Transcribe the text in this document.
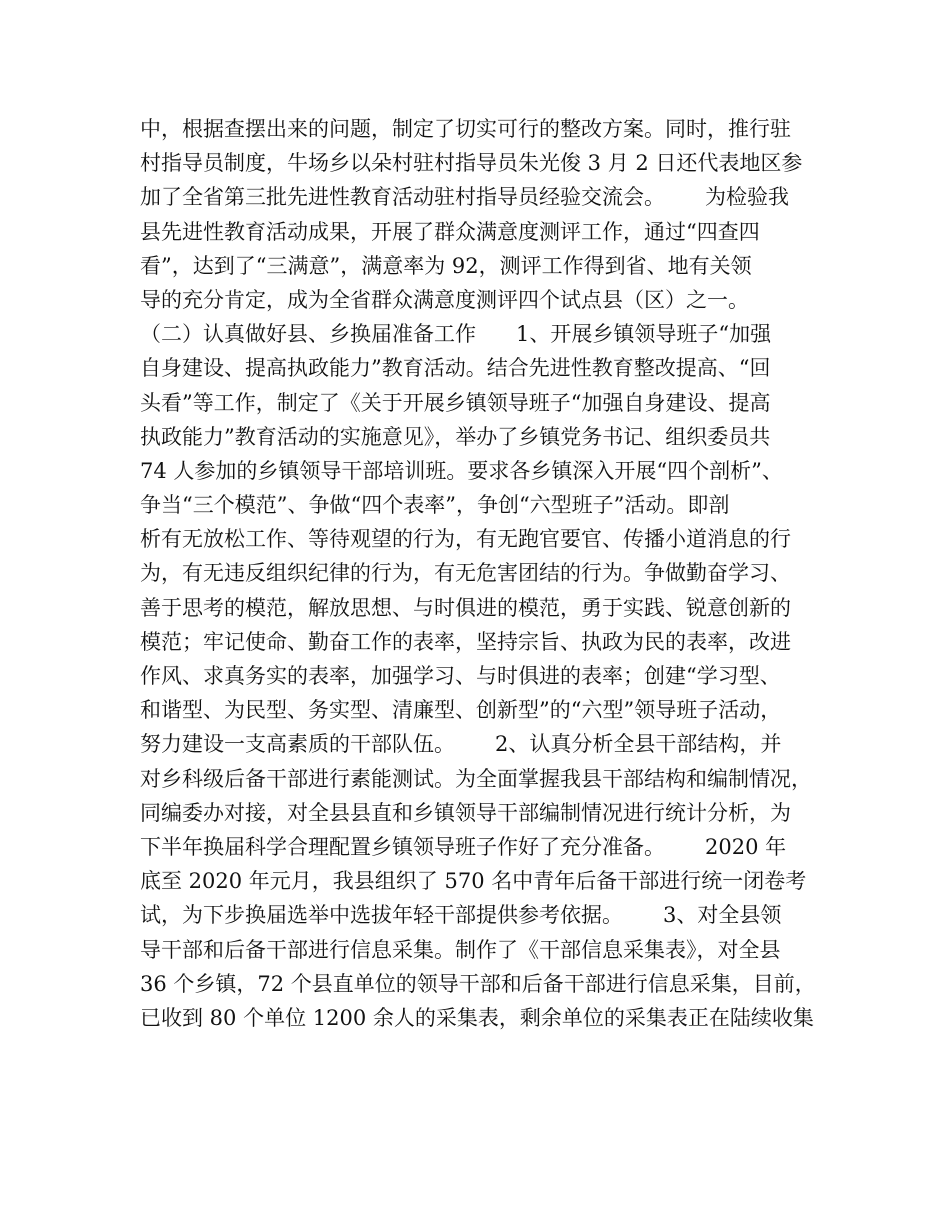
中，根据查摆出来的问题，制定了切实可行的整改方案。同时，推行驻
村指导员制度，牛场乡以朵村驻村指导员朱光俊 3 月 2 日还代表地区参
加了全省第三批先进性教育活动驻村指导员经验交流会。      为检验我
县先进性教育活动成果，开展了群众满意度测评工作，通过“四查四
看”，达到了“三满意”，满意率为 92，测评工作得到省、地有关领
导的充分肯定，成为全省群众满意度测评四个试点县（区）之一。
（二）认真做好县、乡换届准备工作      1、开展乡镇领导班子“加强
自身建设、提高执政能力”教育活动。结合先进性教育整改提高、“回
头看”等工作，制定了《关于开展乡镇领导班子“加强自身建设、提高
执政能力”教育活动的实施意见》，举办了乡镇党务书记、组织委员共
74 人参加的乡镇领导干部培训班。要求各乡镇深入开展“四个剖析”、
争当“三个模范”、争做“四个表率”，争创“六型班子”活动。即剖
析有无放松工作、等待观望的行为，有无跑官要官、传播小道消息的行
为，有无违反组织纪律的行为，有无危害团结的行为。争做勤奋学习、
善于思考的模范，解放思想、与时俱进的模范，勇于实践、锐意创新的
模范；牢记使命、勤奋工作的表率，坚持宗旨、执政为民的表率，改进
作风、求真务实的表率，加强学习、与时俱进的表率；创建“学习型、
和谐型、为民型、务实型、清廉型、创新型”的“六型”领导班子活动，
努力建设一支高素质的干部队伍。      2、认真分析全县干部结构，并
对乡科级后备干部进行素能测试。为全面掌握我县干部结构和编制情况，
同编委办对接，对全县县直和乡镇领导干部编制情况进行统计分析，为
下半年换届科学合理配置乡镇领导班子作好了充分准备。      2020 年
底至 2020 年元月，我县组织了 570 名中青年后备干部进行统一闭卷考
试，为下步换届选举中选拔年轻干部提供参考依据。      3、对全县领
导干部和后备干部进行信息采集。制作了《干部信息采集表》，对全县
36 个乡镇，72 个县直单位的领导干部和后备干部进行信息采集，目前，
已收到 80 个单位 1200 余人的采集表，剩余单位的采集表正在陆续收集
